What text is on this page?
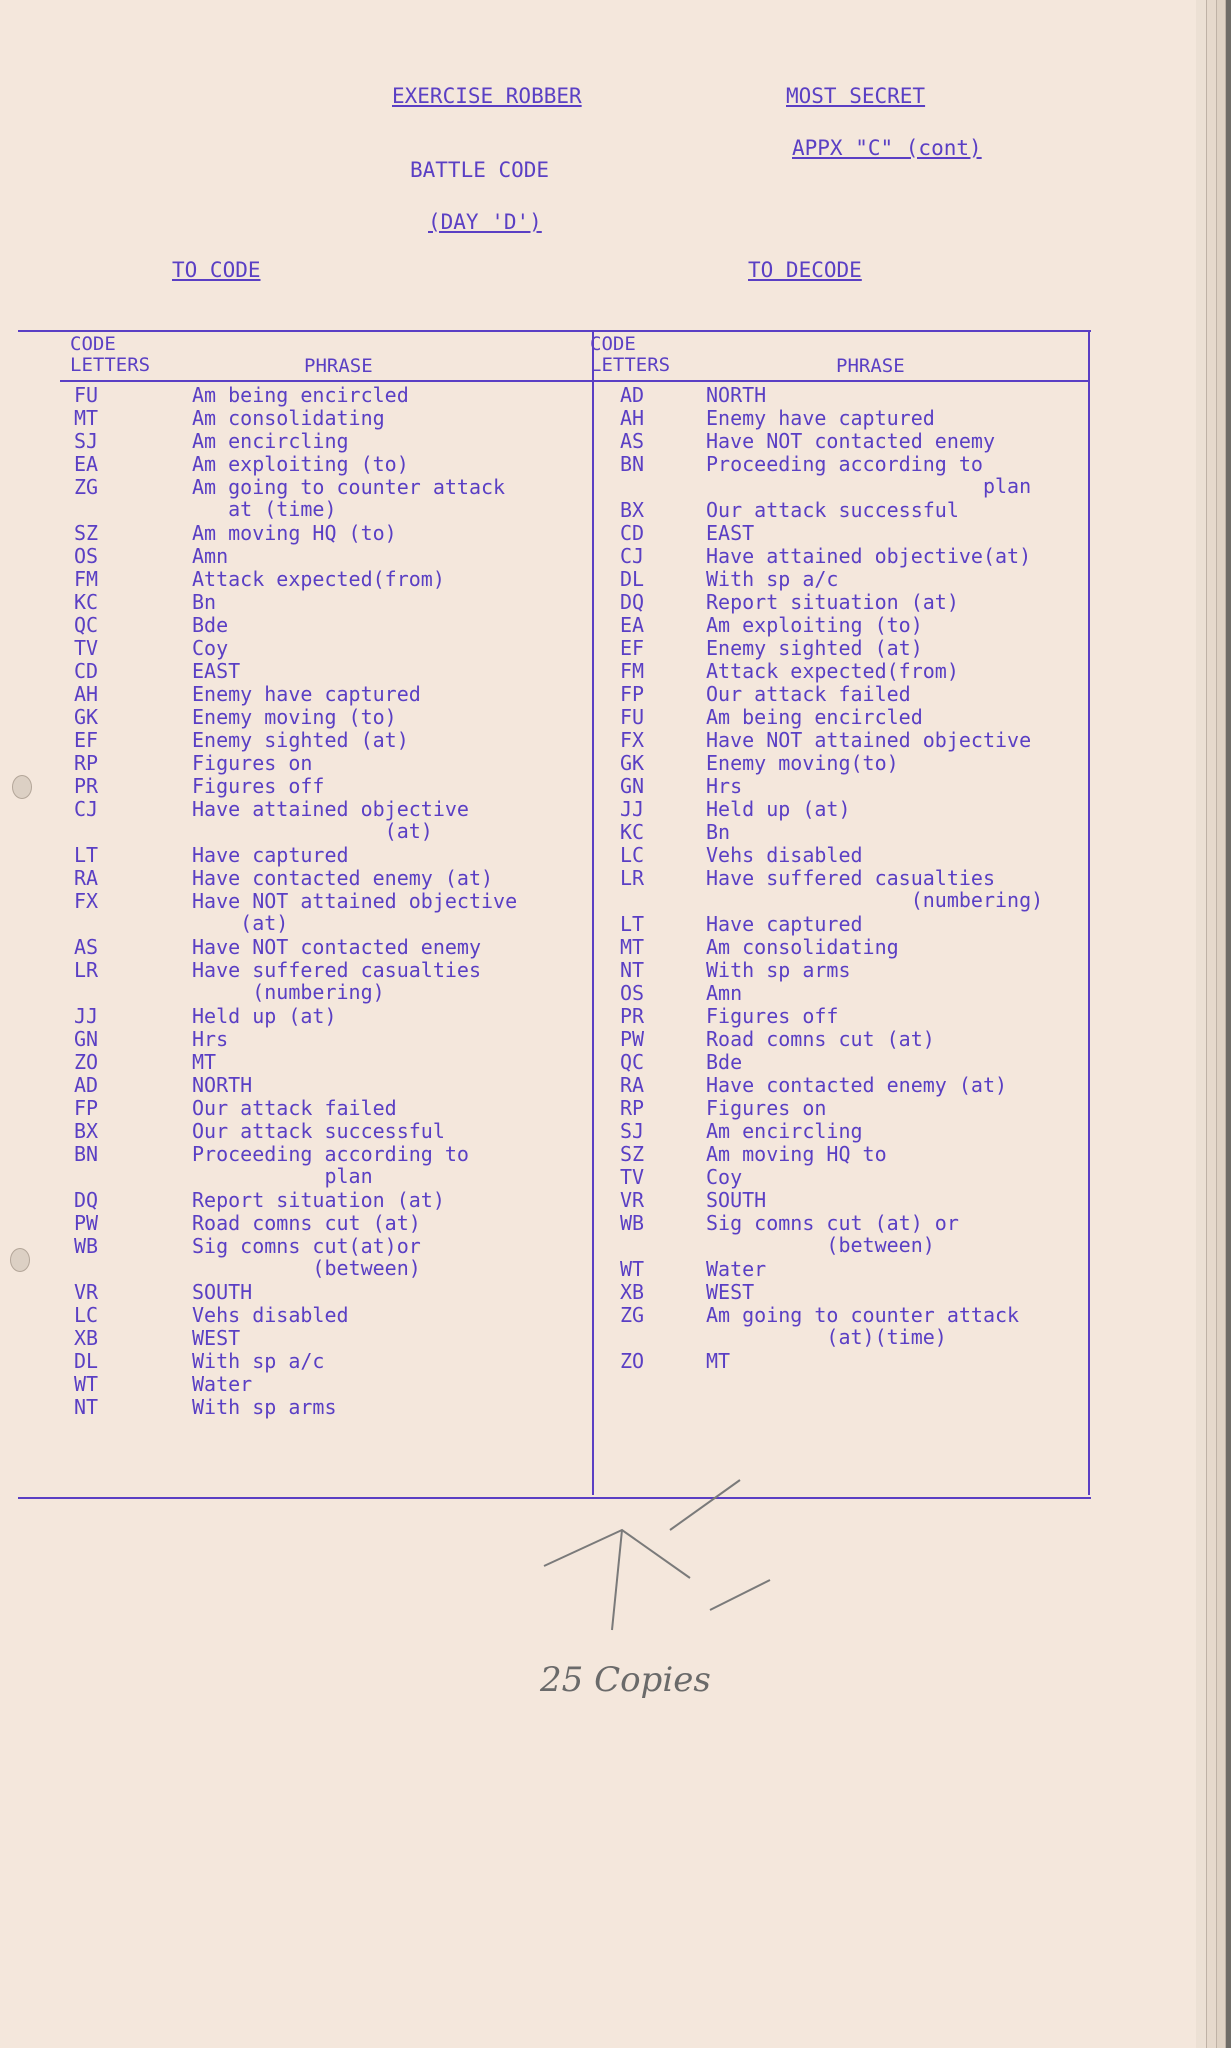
EXERCISE ROBBER	MOST SECRET
APPX "C" (cont)
BATTLE CODE
(DAY 'D')
TO CODE	TO DECODE
CODE
LETTERS	PHRASE
CODE
LETTERS	PHRASE
FU	Am being encircled
MT	Am consolidating
SJ	Am encircling
EA	Am exploiting (to)
ZG	Am going to counter attack
at (time)
SZ	Am moving HQ (to)
OS	Amn
FM	Attack expected(from)
KC	Bn
QC	Bde
TV	Coy
CD	EAST
AH	Enemy have captured
GK	Enemy moving (to)
EF	Enemy sighted (at)
RP	Figures on
PR	Figures off
CJ	Have attained objective
(at)
LT	Have captured
RA	Have contacted enemy (at)
FX	Have NOT attained objective
(at)
AS	Have NOT contacted enemy
LR	Have suffered casualties
(numbering)
JJ	Held up (at)
GN	Hrs
ZO	MT
AD	NORTH
FP	Our attack failed
BX	Our attack successful
BN	Proceeding according to
plan
DQ	Report situation (at)
PW	Road comns cut (at)
WB	Sig comns cut(at)or
(between)
VR	SOUTH
LC	Vehs disabled
XB	WEST
DL	With sp a/c
WT	Water
NT	With sp arms
AD	NORTH
AH	Enemy have captured
AS	Have NOT contacted enemy
BN	Proceeding according to
plan
BX	Our attack successful
CD	EAST
CJ	Have attained objective(at)
DL	With sp a/c
DQ	Report situation (at)
EA	Am exploiting (to)
EF	Enemy sighted (at)
FM	Attack expected(from)
FP	Our attack failed
FU	Am being encircled
FX	Have NOT attained objective
GK	Enemy moving(to)
GN	Hrs
JJ	Held up (at)
KC	Bn
LC	Vehs disabled
LR	Have suffered casualties
(numbering)
LT	Have captured
MT	Am consolidating
NT	With sp arms
OS	Amn
PR	Figures off
PW	Road comns cut (at)
QC	Bde
RA	Have contacted enemy (at)
RP	Figures on
SJ	Am encircling
SZ	Am moving HQ to
TV	Coy
VR	SOUTH
WB	Sig comns cut (at) or
(between)
WT	Water
XB	WEST
ZG	Am going to counter attack
(at)(time)
ZO	MT
25 Copies
